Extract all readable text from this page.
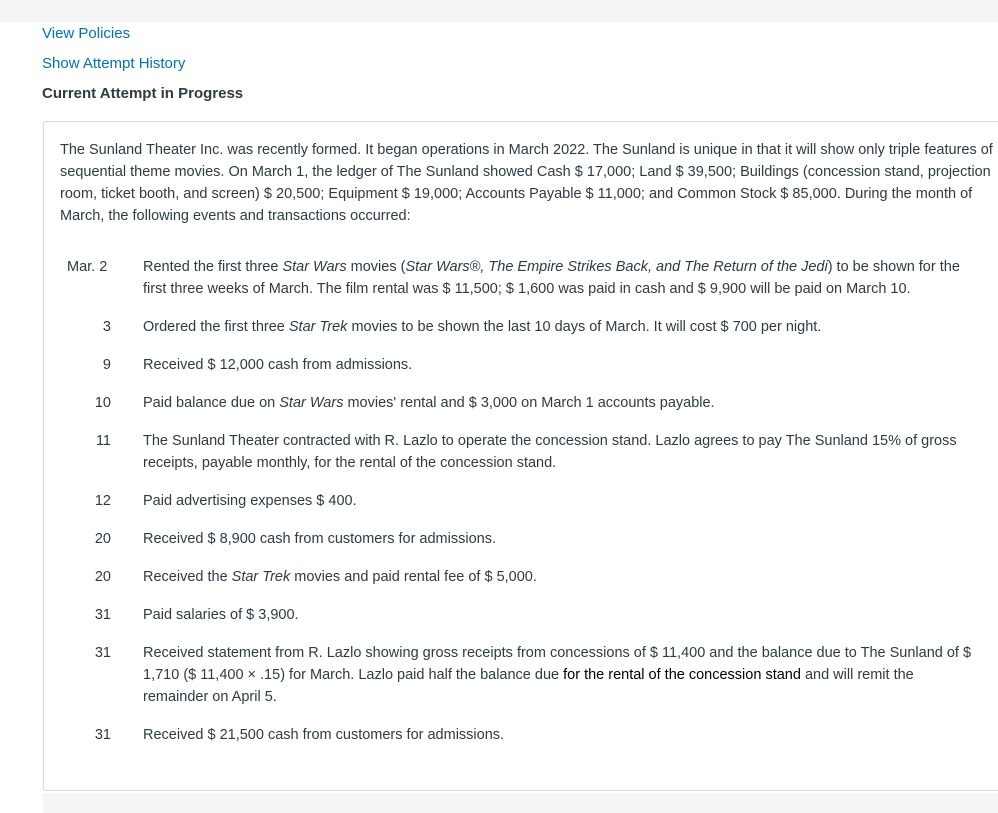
View Policies
Show Attempt History
Current Attempt in Progress

The Sunland Theater Inc. was recently formed. It began operations in March 2022. The Sunland is unique in that it will show only triple features of sequential theme movies. On March 1, the ledger of The Sunland showed Cash $ 17,000; Land $ 39,500; Buildings (concession stand, projection room, ticket booth, and screen) $ 20,500; Equipment $ 19,000; Accounts Payable $ 11,000; and Common Stock $ 85,000. During the month of March, the following events and transactions occurred:

Mar. 2	Rented the first three Star Wars movies (Star Wars®, The Empire Strikes Back, and The Return of the Jedi) to be shown for the first three weeks of March. The film rental was $ 11,500; $ 1,600 was paid in cash and $ 9,900 will be paid on March 10.
3 Ordered the first three Star Trek movies to be shown the last 10 days of March. It will cost $ 700 per night.
9 Received $ 12,000 cash from admissions.
10 Paid balance due on Star Wars movies' rental and $ 3,000 on March 1 accounts payable.
11 The Sunland Theater contracted with R. Lazlo to operate the concession stand. Lazlo agrees to pay The Sunland 15% of gross receipts, payable monthly, for the rental of the concession stand.
12 Paid advertising expenses $ 400.
20 Received $ 8,900 cash from customers for admissions.
20 Received the Star Trek movies and paid rental fee of $ 5,000.
31 Paid salaries of $ 3,900.
31 Received statement from R. Lazlo showing gross receipts from concessions of $ 11,400 and the balance due to The Sunland of $ 1,710 ($ 11,400 × .15) for March. Lazlo paid half the balance due for the rental of the concession stand and will remit the remainder on April 5.
31 Received $ 21,500 cash from customers for admissions.
